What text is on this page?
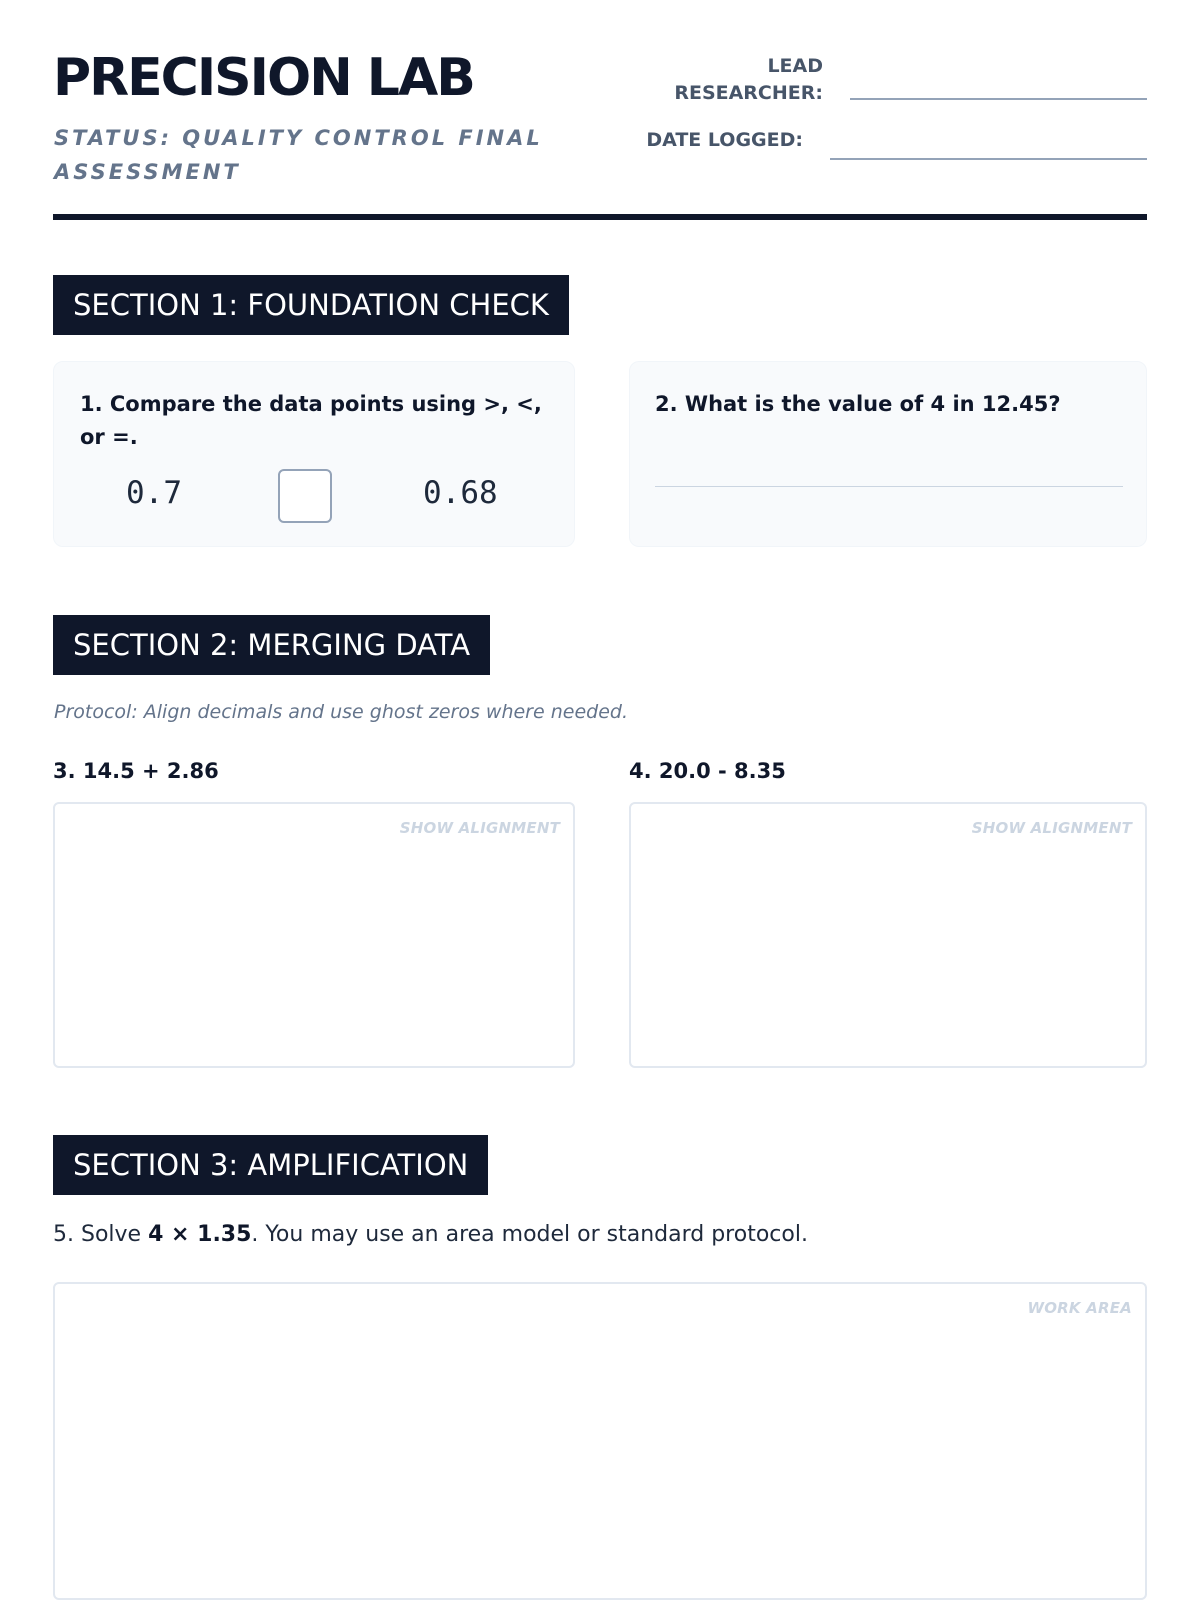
PRECISION LAB
STATUS: QUALITY CONTROL FINAL ASSESSMENT
LEAD
RESEARCHER:
DATE LOGGED:
SECTION 1: FOUNDATION CHECK
1. Compare the data points using >, <, or =.
0.7	0.68
2. What is the value of 4 in 12.45?
SECTION 2: MERGING DATA
Protocol: Align decimals and use ghost zeros where needed.
3. 14.5 + 2.86	4. 20.0 - 8.35
SHOW ALIGNMENT	SHOW ALIGNMENT
SECTION 3: AMPLIFICATION
5. Solve 4 × 1.35. You may use an area model or standard protocol.
WORK AREA
